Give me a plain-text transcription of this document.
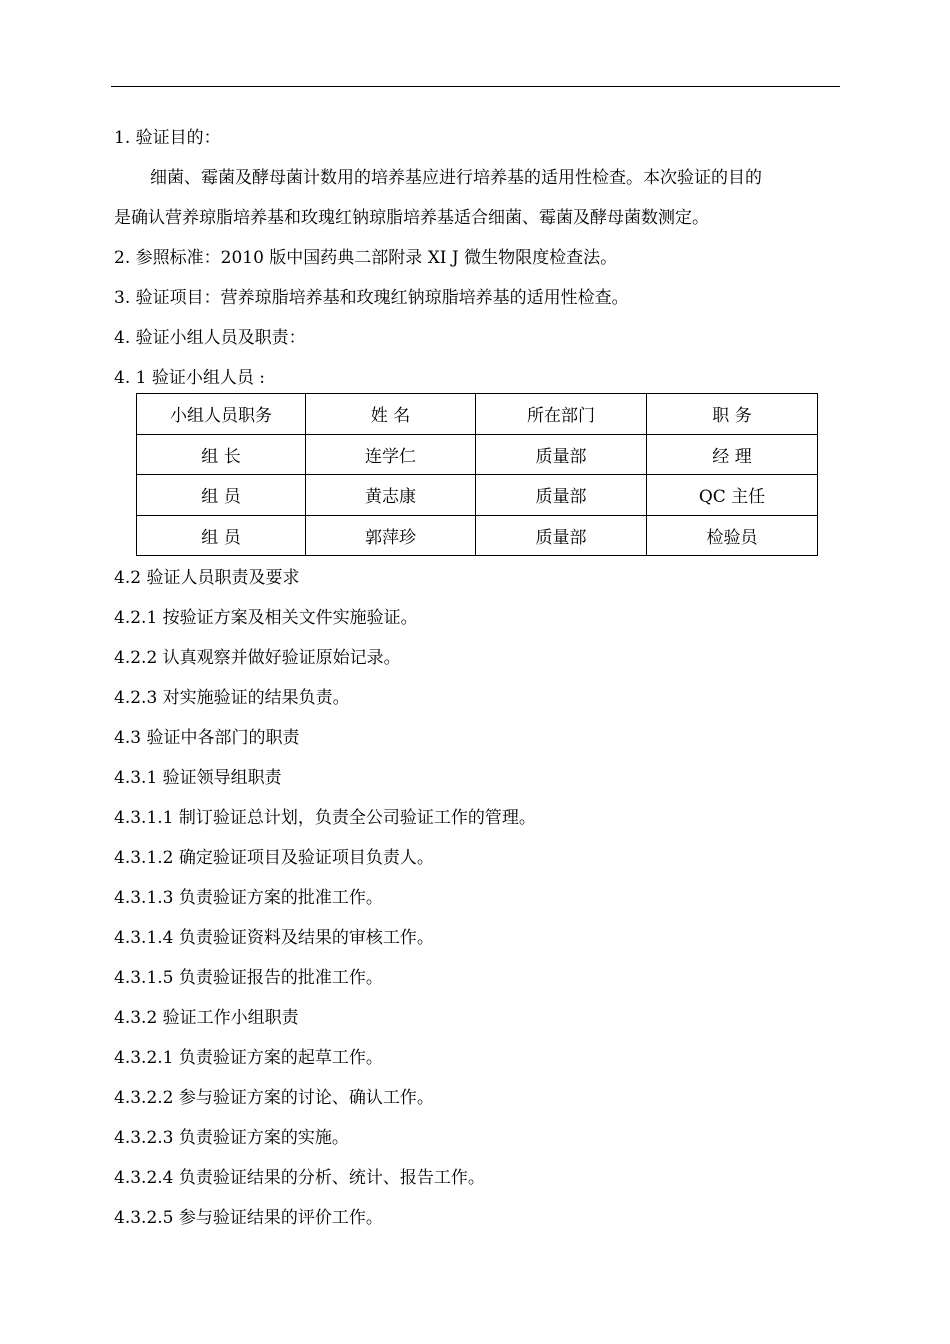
1. 验证目的：
细菌、霉菌及酵母菌计数用的培养基应进行培养基的适用性检查。本次验证的目的
是确认营养琼脂培养基和玫瑰红钠琼脂培养基适合细菌、霉菌及酵母菌数测定。
2. 参照标准：2010 版中国药典二部附录 XI J 微生物限度检查法。
3. 验证项目：营养琼脂培养基和玫瑰红钠琼脂培养基的适用性检查。
4. 验证小组人员及职责：
4. 1 验证小组人员 :
小组人员职务	姓 名	所在部门	职 务
组 长	连学仁	质量部	经 理
组 员	黄志康	质量部	QC 主任
组 员	郭萍珍	质量部	检验员
4.2 验证人员职责及要求
4.2.1 按验证方案及相关文件实施验证。
4.2.2 认真观察并做好验证原始记录。
4.2.3 对实施验证的结果负责。
4.3 验证中各部门的职责
4.3.1 验证领导组职责
4.3.1.1 制订验证总计划，负责全公司验证工作的管理。
4.3.1.2 确定验证项目及验证项目负责人。
4.3.1.3 负责验证方案的批准工作。
4.3.1.4 负责验证资料及结果的审核工作。
4.3.1.5 负责验证报告的批准工作。
4.3.2 验证工作小组职责
4.3.2.1 负责验证方案的起草工作。
4.3.2.2 参与验证方案的讨论、确认工作。
4.3.2.3 负责验证方案的实施。
4.3.2.4 负责验证结果的分析、统计、报告工作。
4.3.2.5 参与验证结果的评价工作。
